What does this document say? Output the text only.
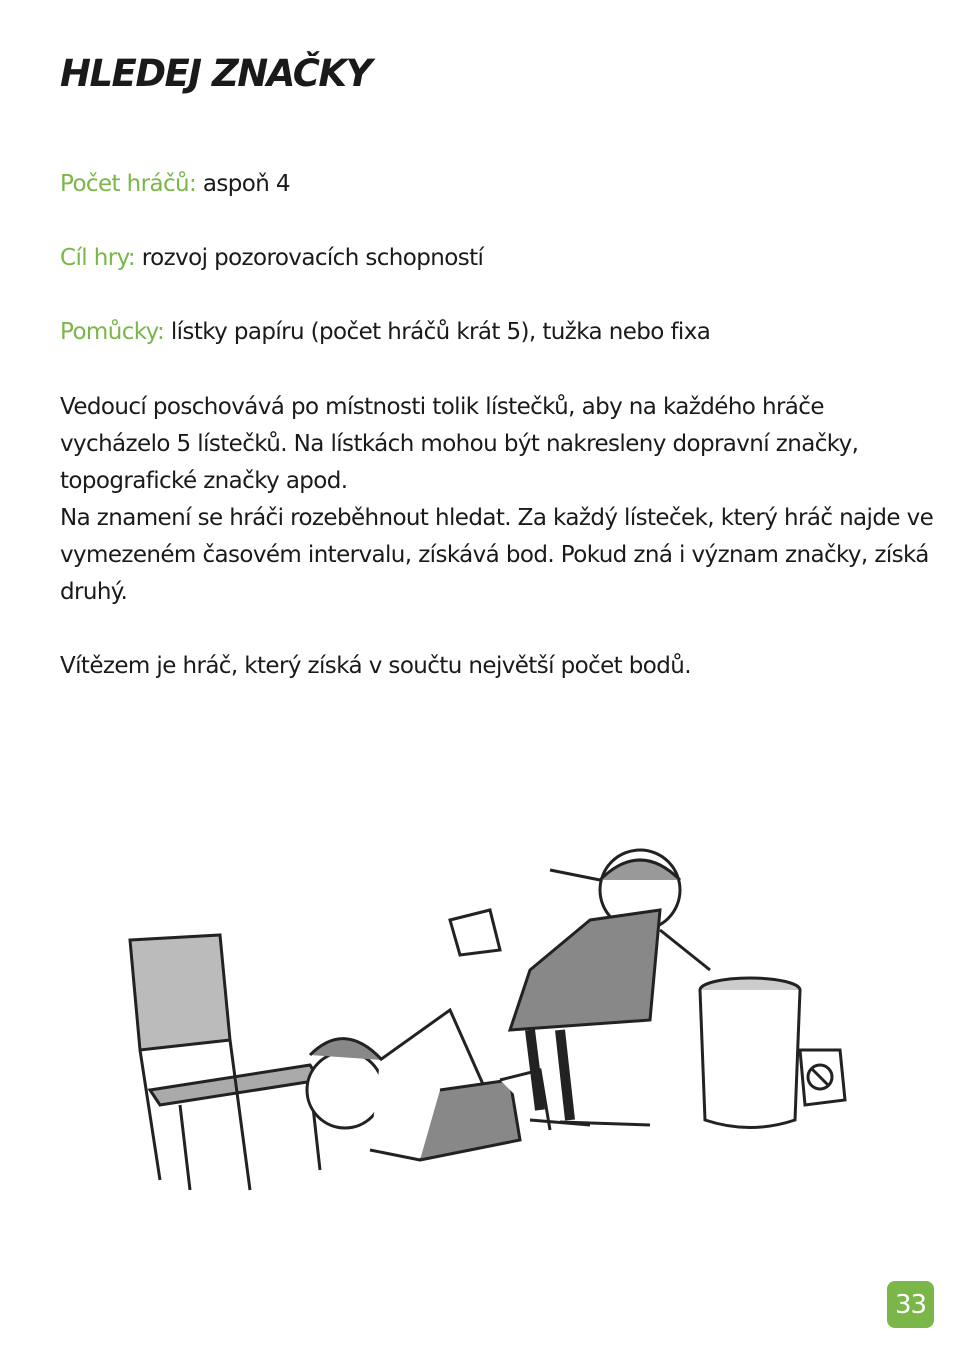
HLEDEJ ZNAČKY

Počet hráčů: aspoň 4

Cíl hry: rozvoj pozorovacích schopností

Pomůcky: lístky papíru (počet hráčů krát 5), tužka nebo fixa

Vedoucí poschovává po místnosti tolik lístečků, aby na každého hráče vycházelo 5 lístečků. Na lístkách mohou být nakresleny dopravní značky, topografické značky apod.

Na znamení se hráči rozeběhnout hledat. Za každý lísteček, který hráč najde ve vymezeném časovém intervalu, získává bod. Pokud zná i význam značky, získá druhý.

Vítězem je hráč, který získá v součtu největší počet bodů.

33
